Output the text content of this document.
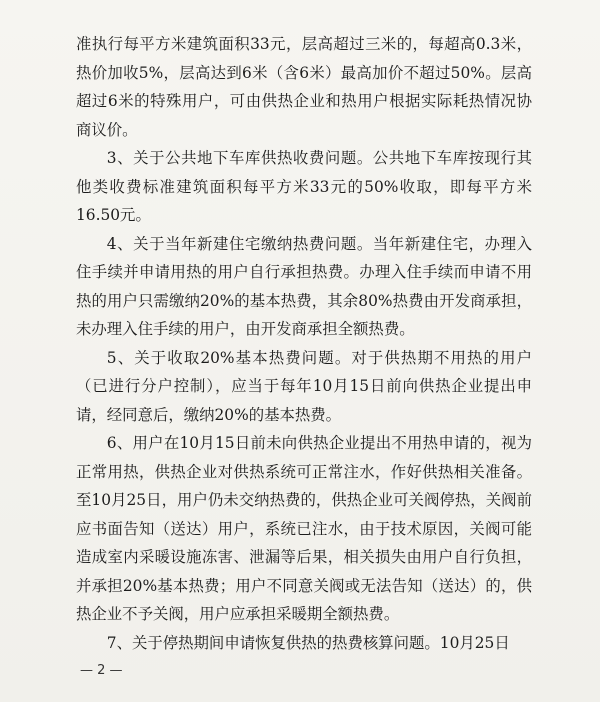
准执行每平方米建筑面积33元，层高超过三米的，每超高0.3米，热价加收5%，层高达到6米（含6米）最高加价不超过50%。层高超过6米的特殊用户，可由供热企业和热用户根据实际耗热情况协商议价。

3、关于公共地下车库供热收费问题。公共地下车库按现行其他类收费标准建筑面积每平方米33元的50%收取，即每平方米16.50元。

4、关于当年新建住宅缴纳热费问题。当年新建住宅，办理入住手续并申请用热的用户自行承担热费。办理入住手续而申请不用热的用户只需缴纳20%的基本热费，其余80%热费由开发商承担，未办理入住手续的用户，由开发商承担全额热费。

5、关于收取20%基本热费问题。对于供热期不用热的用户（已进行分户控制），应当于每年10月15日前向供热企业提出申请，经同意后，缴纳20%的基本热费。

6、用户在10月15日前未向供热企业提出不用热申请的，视为正常用热，供热企业对供热系统可正常注水，作好供热相关准备。至10月25日，用户仍未交纳热费的，供热企业可关阀停热，关阀前应书面告知（送达）用户，系统已注水，由于技术原因，关阀可能造成室内采暖设施冻害、泄漏等后果，相关损失由用户自行负担，并承担20%基本热费；用户不同意关阀或无法告知（送达）的，供热企业不予关阀，用户应承担采暖期全额热费。

7、关于停热期间申请恢复供热的热费核算问题。10月25日

— 2 —
